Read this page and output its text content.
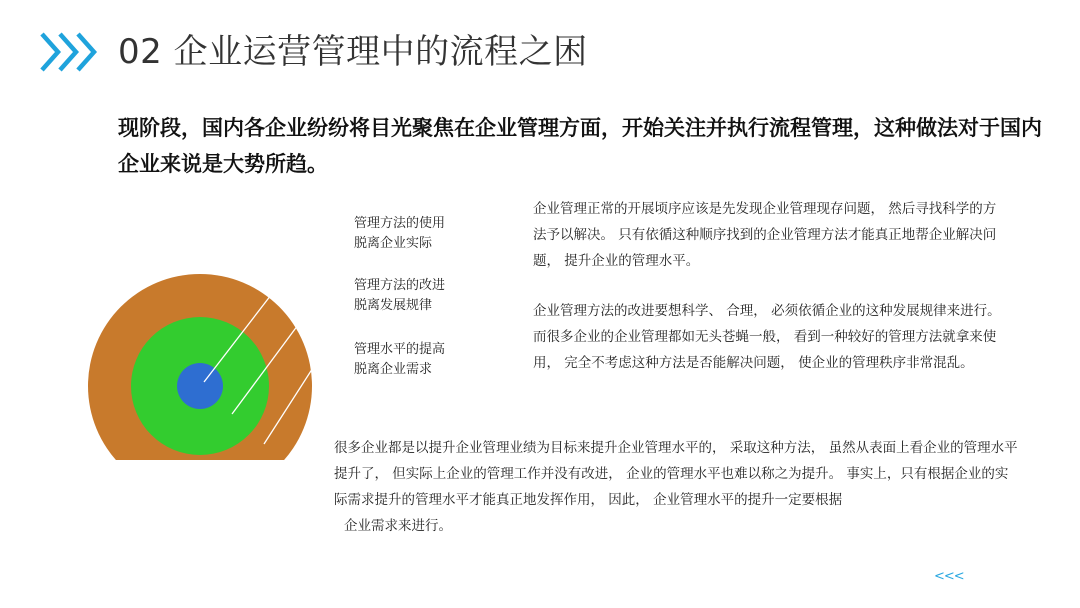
02 企业运营管理中的流程之困
现阶段，国内各企业纷纷将目光聚焦在企业管理方面，开始关注并执行流程管理，这种做法对于国内企业来说是大势所趋。
管理方法的使用
脱离企业实际
管理方法的改进
脱离发展规律
管理水平的提高
脱离企业需求
企业管理正常的开展顷序应该是先发现企业管理现存问题， 然后寻找科学的方法予以解决。 只有依循这种顺序找到的企业管理方法才能真正地帮企业解决问题， 提升企业的管理水平。
企业管理方法的改进要想科学、 合理， 必须依循企业的这种发展规律来进行。 而很多企业的企业管理都如无头苍蝇一般， 看到一种较好的管理方法就拿来使用， 完全不考虑这种方法是否能解决问题， 使企业的管理秩序非常混乱。
很多企业都是以提升企业管理业绩为目标来提升企业管理水平的， 采取这种方法， 虽然从表面上看企业的管理水平提升了， 但实际上企业的管理工作并没有改进， 企业的管理水平也难以称之为提升。 事实上，只有根据企业的实际需求提升的管理水平才能真正地发挥作用， 因此， 企业管理水平的提升一定要根据
企业需求来进行。
<<<
